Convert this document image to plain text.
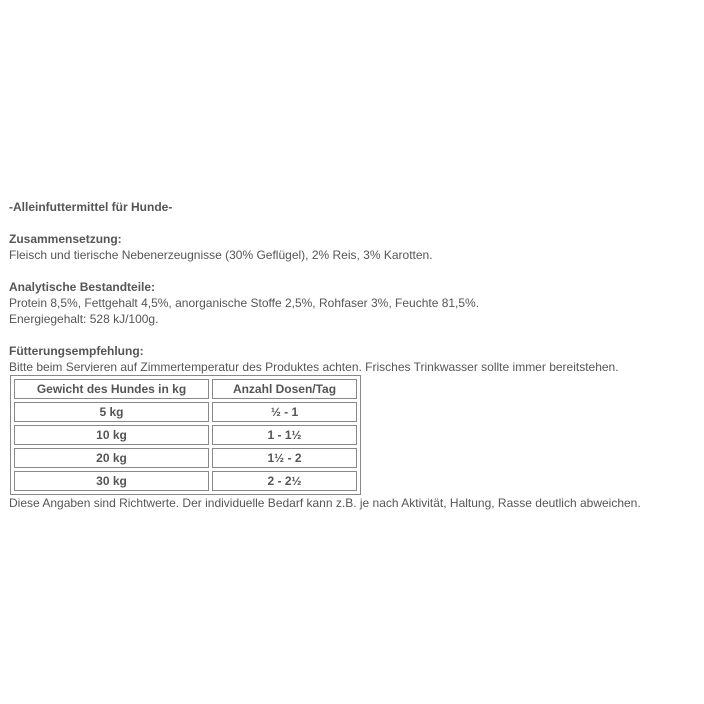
-Alleinfuttermittel für Hunde-

Zusammensetzung:

Fleisch und tierische Nebenerzeugnisse (30% Geflügel), 2% Reis, 3% Karotten.

Analytische Bestandteile:

Protein 8,5%, Fettgehalt 4,5%, anorganische Stoffe 2,5%, Rohfaser 3%, Feuchte 81,5%.

Energiegehalt: 528 kJ/100g.

Fütterungsempfehlung:

Bitte beim Servieren auf Zimmertemperatur des Produktes achten. Frisches Trinkwasser sollte immer bereitstehen.

Gewicht des Hundes in kg	Anzahl Dosen/Tag
5 kg	½ - 1
10 kg	1 - 1½
20 kg	1½ - 2
30 kg	2 - 2½

Diese Angaben sind Richtwerte. Der individuelle Bedarf kann z.B. je nach Aktivität, Haltung, Rasse deutlich abweichen.
